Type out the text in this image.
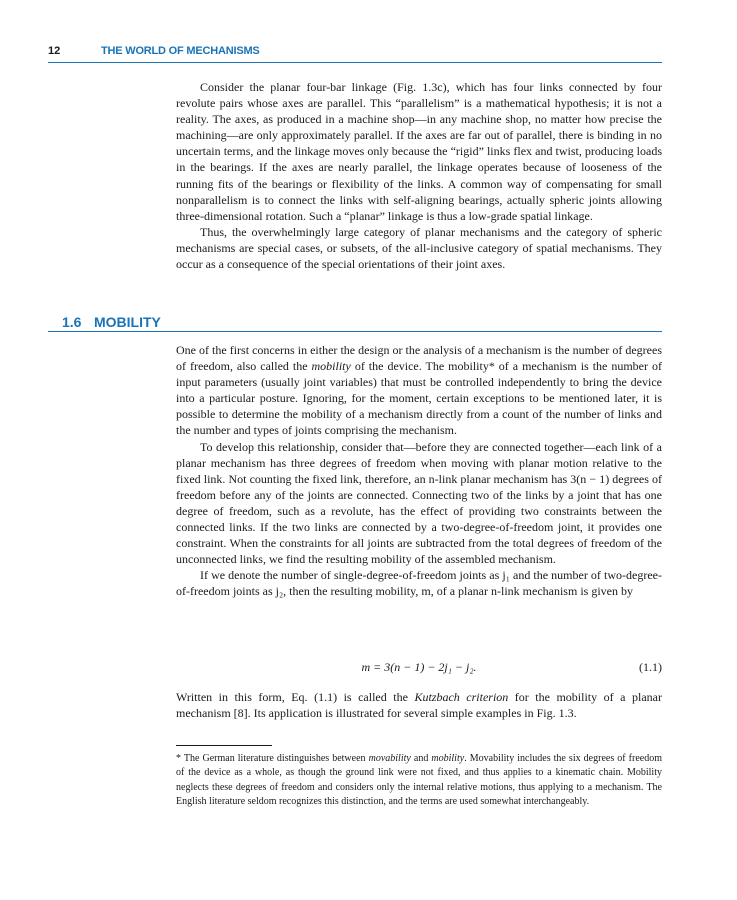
12	THE WORLD OF MECHANISMS

Consider the planar four-bar linkage (Fig. 1.3c), which has four links connected by four revolute pairs whose axes are parallel. This “parallelism” is a mathematical hypothesis; it is not a reality. The axes, as produced in a machine shop—in any machine shop, no matter how precise the machining—are only approximately parallel. If the axes are far out of parallel, there is binding in no uncertain terms, and the linkage moves only because the “rigid” links flex and twist, producing loads in the bearings. If the axes are nearly parallel, the linkage operates because of looseness of the running fits of the bearings or flexibility of the links. A common way of compensating for small nonparallelism is to connect the links with self-aligning bearings, actually spheric joints allowing three-dimensional rotation. Such a “planar” linkage is thus a low-grade spatial linkage.

Thus, the overwhelmingly large category of planar mechanisms and the category of spheric mechanisms are special cases, or subsets, of the all-inclusive category of spatial mechanisms. They occur as a consequence of the special orientations of their joint axes.

1.6 MOBILITY

One of the first concerns in either the design or the analysis of a mechanism is the number of degrees of freedom, also called the mobility of the device. The mobility* of a mechanism is the number of input parameters (usually joint variables) that must be controlled independently to bring the device into a particular posture. Ignoring, for the moment, certain exceptions to be mentioned later, it is possible to determine the mobility of a mechanism directly from a count of the number of links and the number and types of joints comprising the mechanism.

To develop this relationship, consider that—before they are connected together—each link of a planar mechanism has three degrees of freedom when moving with planar motion relative to the fixed link. Not counting the fixed link, therefore, an n-link planar mechanism has 3(n − 1) degrees of freedom before any of the joints are connected. Connecting two of the links by a joint that has one degree of freedom, such as a revolute, has the effect of providing two constraints between the connected links. If the two links are connected by a two-degree-of-freedom joint, it provides one constraint. When the constraints for all joints are subtracted from the total degrees of freedom of the unconnected links, we find the resulting mobility of the assembled mechanism.

If we denote the number of single-degree-of-freedom joints as j₁ and the number of two-degree-of-freedom joints as j₂, then the resulting mobility, m, of a planar n-link mechanism is given by

m = 3(n − 1) − 2j₁ − j₂.	(1.1)

Written in this form, Eq. (1.1) is called the Kutzbach criterion for the mobility of a planar mechanism [8]. Its application is illustrated for several simple examples in Fig. 1.3.

* The German literature distinguishes between movability and mobility. Movability includes the six degrees of freedom of the device as a whole, as though the ground link were not fixed, and thus applies to a kinematic chain. Mobility neglects these degrees of freedom and considers only the internal relative motions, thus applying to a mechanism. The English literature seldom recognizes this distinction, and the terms are used somewhat interchangeably.
